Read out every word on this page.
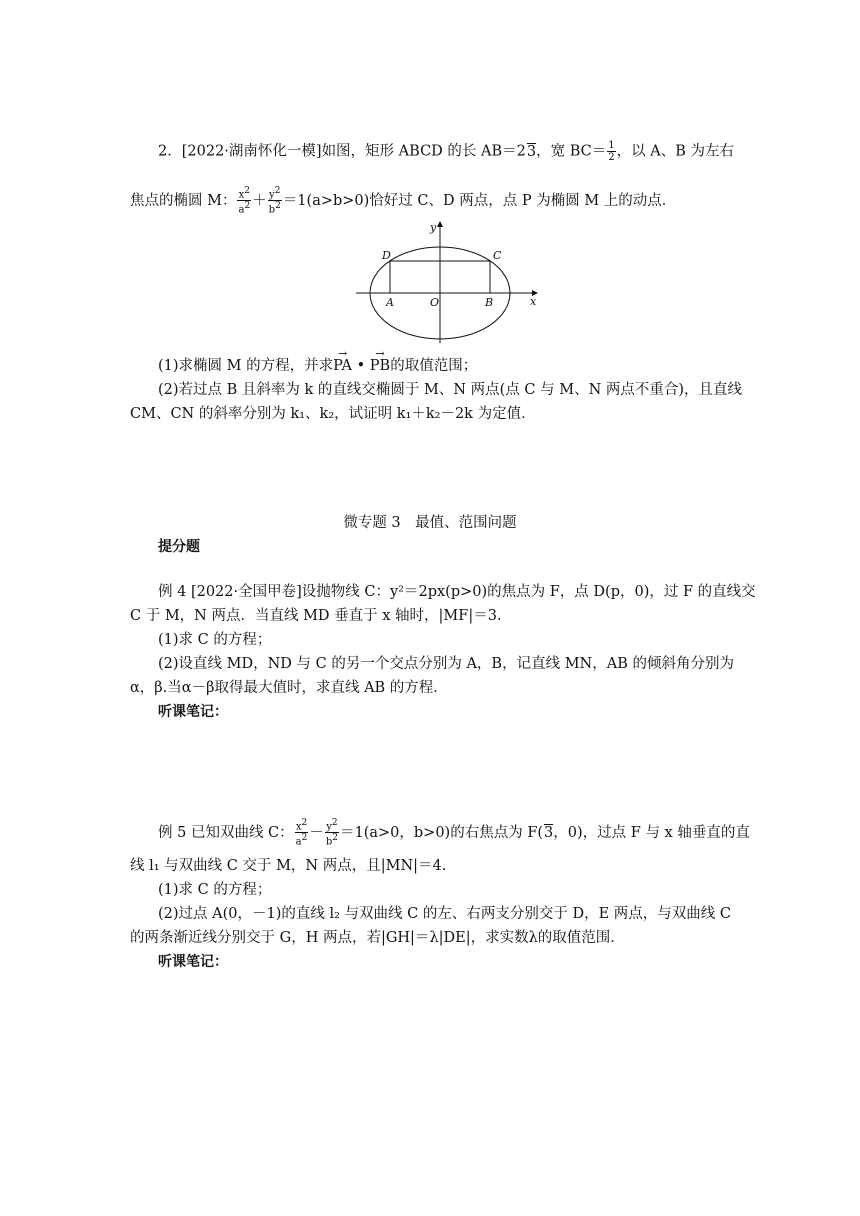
2．[2022·湖南怀化一模]如图，矩形 ABCD 的长 AB＝23，宽 $BC= \frac{1}{2}$ ，以 A、B 为左右
焦点的椭圆 M： $\frac{x^2}{a^2} + \frac{y^2}{b^2} =1(a>b>0)$恰好过 C、D 两点，点 P 为椭圆 M 上的动点．
x
y
D	C
A	O	B
(1)求椭圆 M 的方程，并求→ PA • → PB的取值范围；
(2)若过点 B 且斜率为 k 的直线交椭圆于 M、N 两点(点 C 与 M、N 两点不重合)，且直线
CM、CN 的斜率分别为 k₁、k₂，试证明 k₁＋k₂－2k 为定值．
微专题 3　最值、范围问题
提分题
例 4 [2022·全国甲卷]设抛物线 C：y²＝2px(p>0)的焦点为 F，点 D(p，0)，过 F 的直线交
C 于 M，N 两点．当直线 MD 垂直于 x 轴时，|MF|＝3.
(1)求 C 的方程；
(2)设直线 MD，ND 与 C 的另一个交点分别为 A，B，记直线 MN，AB 的倾斜角分别为
α，β.当α－β取得最大值时，求直线 AB 的方程．
听课笔记：
例 5 已知双曲线 C： $\frac{x^2}{a^2} - \frac{y^2}{b^2} =1(a>0$，b>0)的右焦点为 F(3，0)，过点 F 与 x 轴垂直的直
线 l₁ 与双曲线 C 交于 M，N 两点，且|MN|＝4.
(1)求 C 的方程；
(2)过点 A(0，－1)的直线 l₂ 与双曲线 C 的左、右两支分别交于 D，E 两点，与双曲线 C
的两条渐近线分别交于 G，H 两点，若|GH|＝λ|DE|，求实数λ的取值范围．
听课笔记：
